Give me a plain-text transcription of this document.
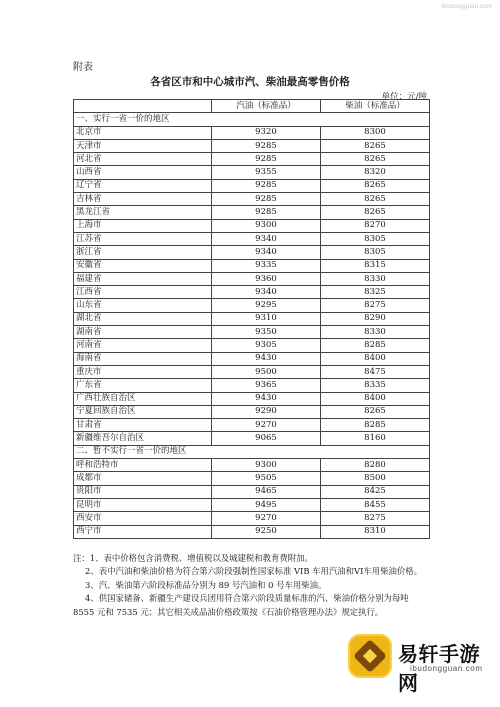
ibudongguan.com
附表
各省区市和中心城市汽、柴油最高零售价格
单位：元/吨
	汽油（标准品）	柴油（标准品）
一、实行一省一价的地区		
北京市	9320	8300
天津市	9285	8265
河北省	9285	8265
山西省	9355	8320
辽宁省	9285	8265
吉林省	9285	8265
黑龙江省	9285	8265
上海市	9300	8270
江苏省	9340	8305
浙江省	9340	8305
安徽省	9335	8315
福建省	9360	8330
江西省	9340	8325
山东省	9295	8275
湖北省	9310	8290
湖南省	9350	8330
河南省	9305	8285
海南省	9430	8400
重庆市	9500	8475
广东省	9365	8335
广西壮族自治区	9430	8400
宁夏回族自治区	9290	8265
甘肃省	9270	8285
新疆维吾尔自治区	9065	8160
二、暂不实行一省一价的地区		
呼和浩特市	9300	8280
成都市	9505	8500
贵阳市	9465	8425
昆明市	9495	8455
西安市	9270	8275
西宁市	9250	8310

注：1、表中价格包含消费税、增值税以及城建税和教育费附加。

2、表中汽油和柴油价格为符合第六阶段强制性国家标准 VIB 车用汽油和VI车用柴油价格。

3、汽、柴油第六阶段标准品分别为 89 号汽油和 0 号车用柴油。

4、供国家储备、新疆生产建设兵团用符合第六阶段质量标准的汽、柴油价格分别为每吨 8555 元和 7535 元；其它相关成品油价格政策按《石油价格管理办法》规定执行。

易轩手游网
ibudongguan.com
